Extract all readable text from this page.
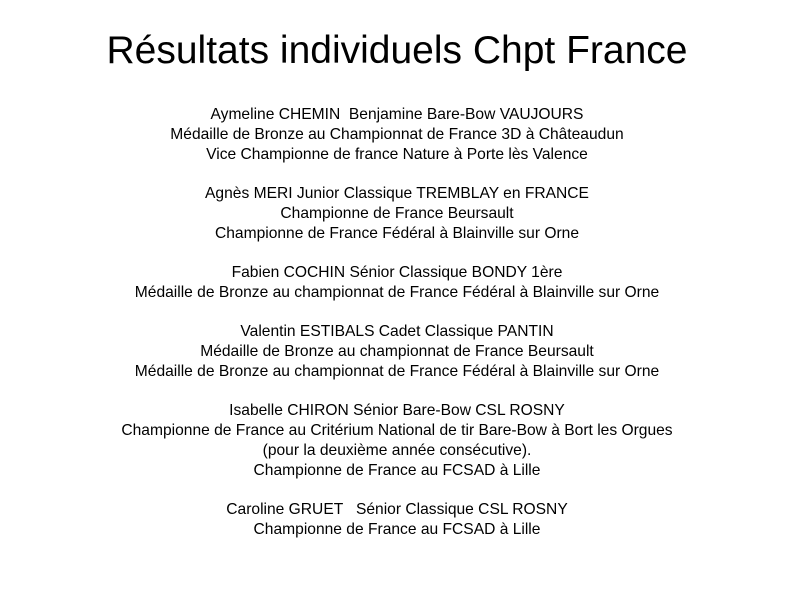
Résultats individuels Chpt France
Aymeline CHEMIN  Benjamine Bare-Bow VAUJOURS
Médaille de Bronze au Championnat de France 3D à Châteaudun
Vice Championne de france Nature à Porte lès Valence
Agnès MERI Junior Classique TREMBLAY en FRANCE
Championne de France Beursault
Championne de France Fédéral à Blainville sur Orne
Fabien COCHIN Sénior Classique BONDY 1ère
Médaille de Bronze au championnat de France Fédéral à Blainville sur Orne
Valentin ESTIBALS Cadet Classique PANTIN
Médaille de Bronze au championnat de France Beursault
Médaille de Bronze au championnat de France Fédéral à Blainville sur Orne
Isabelle CHIRON Sénior Bare-Bow CSL ROSNY
Championne de France au Critérium National de tir Bare-Bow à Bort les Orgues
(pour la deuxième année consécutive).
Championne de France au FCSAD à Lille
Caroline GRUET   Sénior Classique CSL ROSNY
Championne de France au FCSAD à Lille
